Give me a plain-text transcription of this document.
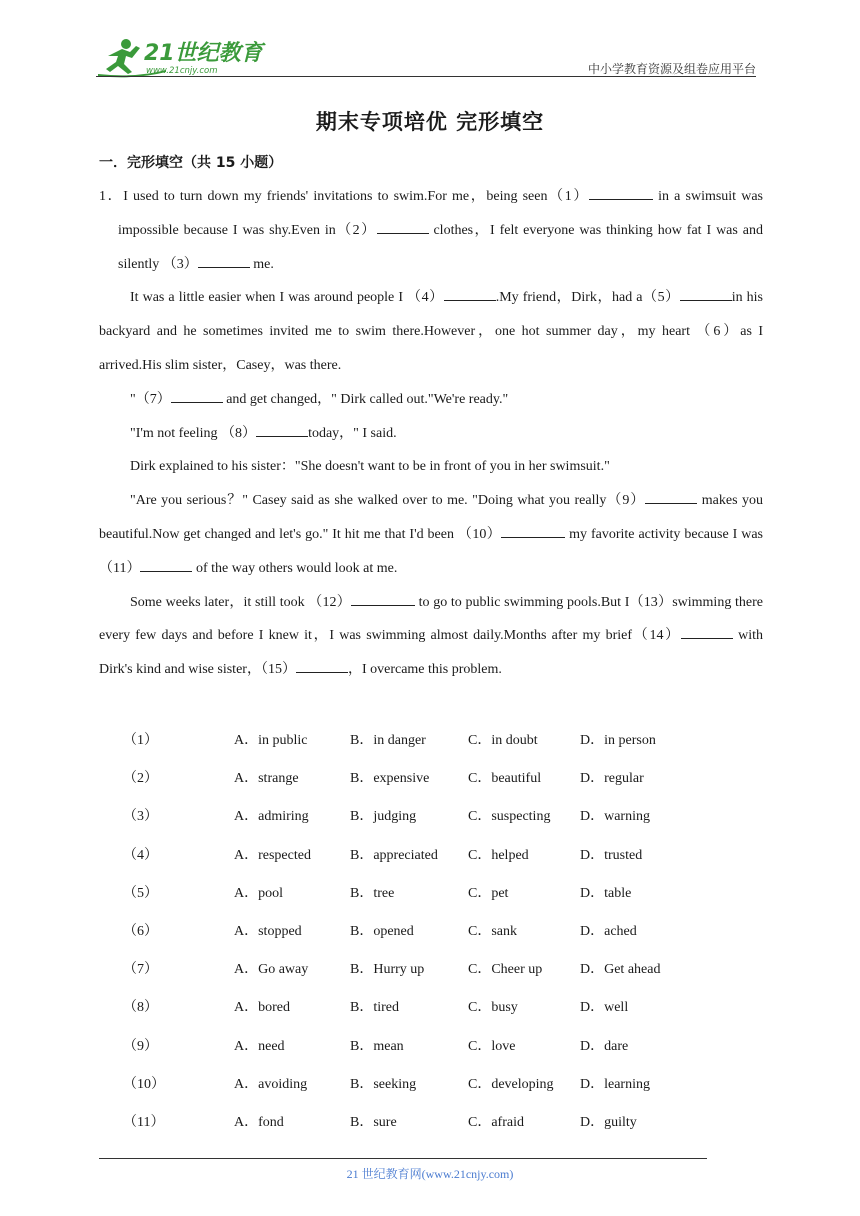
21世纪教育
www.21cnjy.com	中小学教育资源及组卷应用平台
期末专项培优 完形填空
一．完形填空（共 15 小题）

1．I used to turn down my friends' invitations to swim.For me，being seen（1）	in a swimsuit was impossible because I was shy.Even in（2）	clothes，I felt everyone was thinking how fat I was and silently （3）	me.

It was a little easier when I was around people I （4）	.My friend，Dirk，had a（5）	in his backyard and he sometimes invited me to swim there.However，one hot summer day，my heart （6）as I arrived.His slim sister，Casey，was there.

"（7）	and get changed，" Dirk called out."We're ready."

"I'm not feeling （8）	today，" I said.

Dirk explained to his sister："She doesn't want to be in front of you in her swimsuit."

"Are you serious？" Casey said as she walked over to me. "Doing what you really（9）	makes you beautiful.Now get changed and let's go." It hit me that I'd been （10）	my favorite activity because I was （11）	of the way others would look at me.

Some weeks later，it still took （12）	to go to public swimming pools.But I（13）swimming there every few days and before I knew it，I was swimming almost daily.Months after my brief（14）	with Dirk's kind and wise sister，（15）	，I overcame this problem.

（1）	A．in public	B．in danger	C．in doubt	D．in person
（2）	A．strange	B．expensive	C．beautiful	D．regular
（3）	A．admiring	B．judging	C．suspecting	D．warning
（4）	A．respected	B．appreciated	C．helped	D．trusted
（5）	A．pool	B．tree	C．pet	D．table
（6）	A．stopped	B．opened	C．sank	D．ached
（7）	A．Go away	B．Hurry up	C．Cheer up	D．Get ahead
（8）	A．bored	B．tired	C．busy	D．well
（9）	A．need	B．mean	C．love	D．dare
（10）	A．avoiding	B．seeking	C．developing	D．learning
（11）	A．fond	B．sure	C．afraid	D．guilty
21 世纪教育网(www.21cnjy.com)
